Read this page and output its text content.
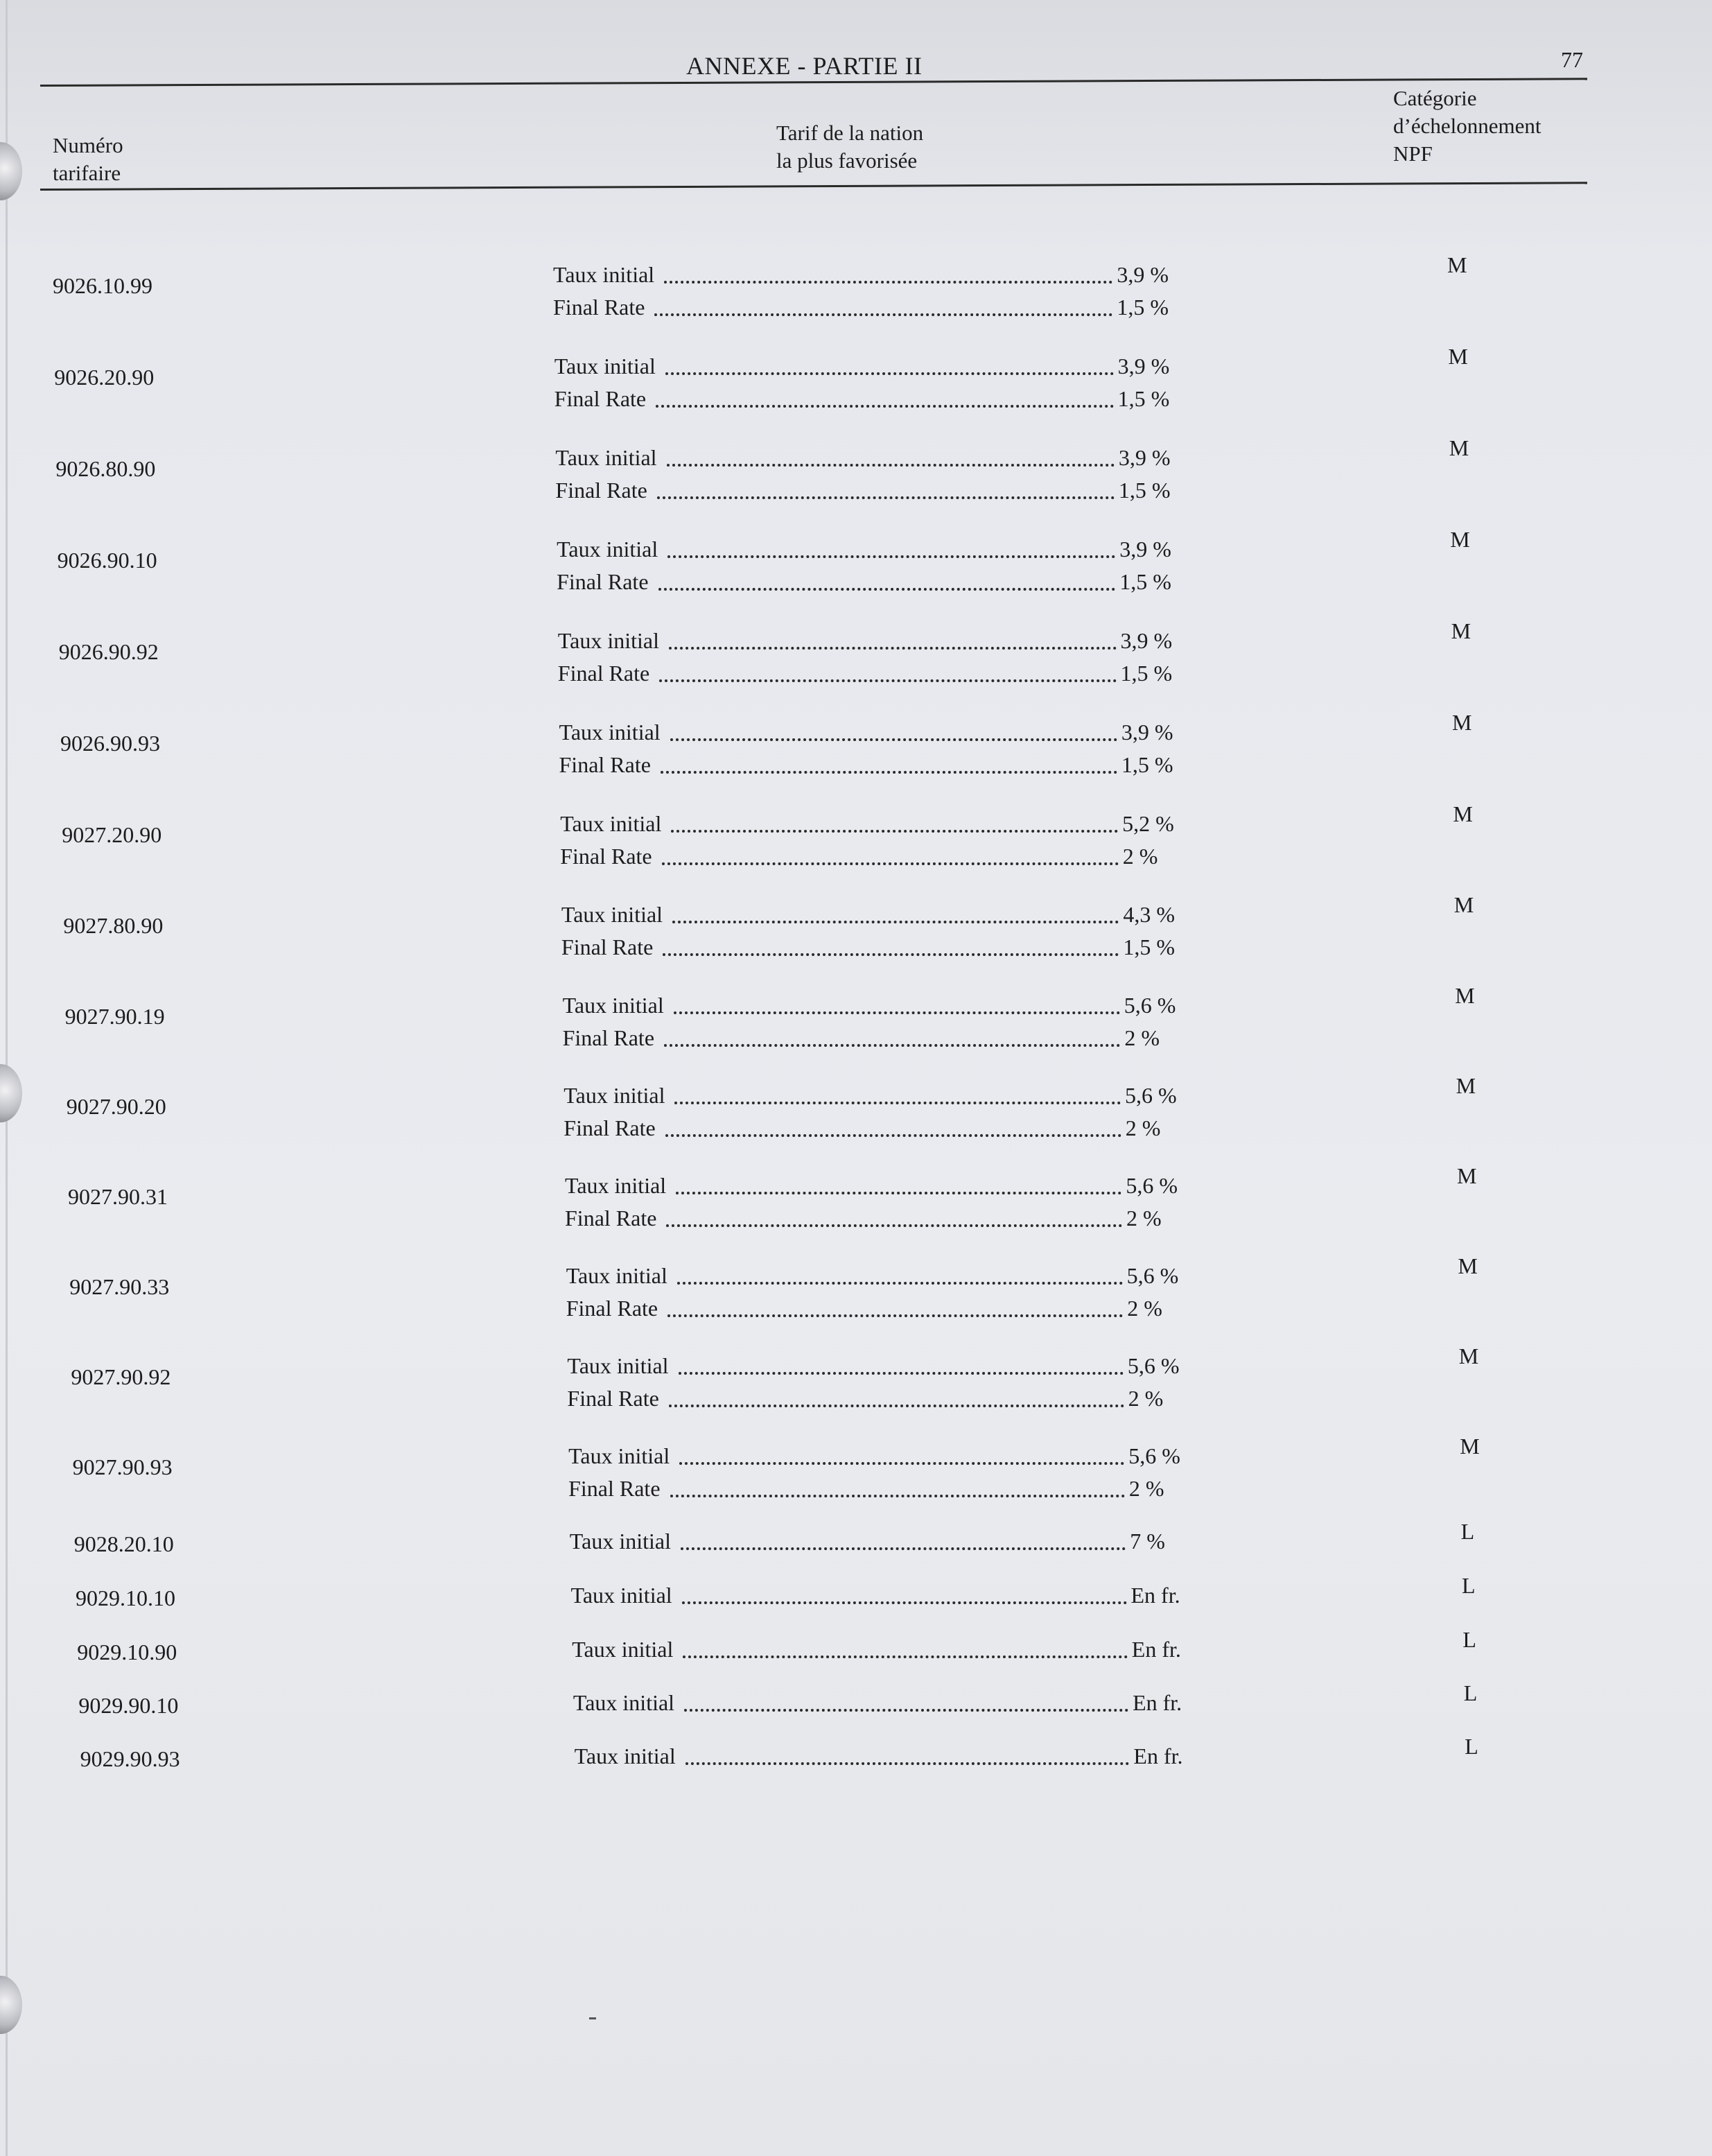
ANNEXE - PARTIE II	77
Numéro
tarifaire
Tarif de la nation
la plus favorisée
Catégorie
d’échelonnement
NPF
9026.10.99	Taux initial	3,9 %
Final Rate	1,5 %
M
9026.20.90	Taux initial	3,9 %
Final Rate	1,5 %
M
9026.80.90	Taux initial	3,9 %
Final Rate	1,5 %
M
9026.90.10	Taux initial	3,9 %
Final Rate	1,5 %
M
9026.90.92	Taux initial	3,9 %
Final Rate	1,5 %
M
9026.90.93	Taux initial	3,9 %
Final Rate	1,5 %
M
9027.20.90	Taux initial	5,2 %
Final Rate	2 %
M
9027.80.90	Taux initial	4,3 %
Final Rate	1,5 %
M
9027.90.19	Taux initial	5,6 %
Final Rate	2 %
M
9027.90.20	Taux initial	5,6 %
Final Rate	2 %
M
9027.90.31	Taux initial	5,6 %
Final Rate	2 %
M
9027.90.33	Taux initial	5,6 %
Final Rate	2 %
M
9027.90.92	Taux initial	5,6 %
Final Rate	2 %
M
9027.90.93	Taux initial	5,6 %
Final Rate	2 %
M
9028.20.10	Taux initial	7 %	L
9029.10.10	Taux initial	En fr.	L
9029.10.90	Taux initial	En fr.	L
9029.90.10	Taux initial	En fr.	L
9029.90.93	Taux initial	En fr.	L
